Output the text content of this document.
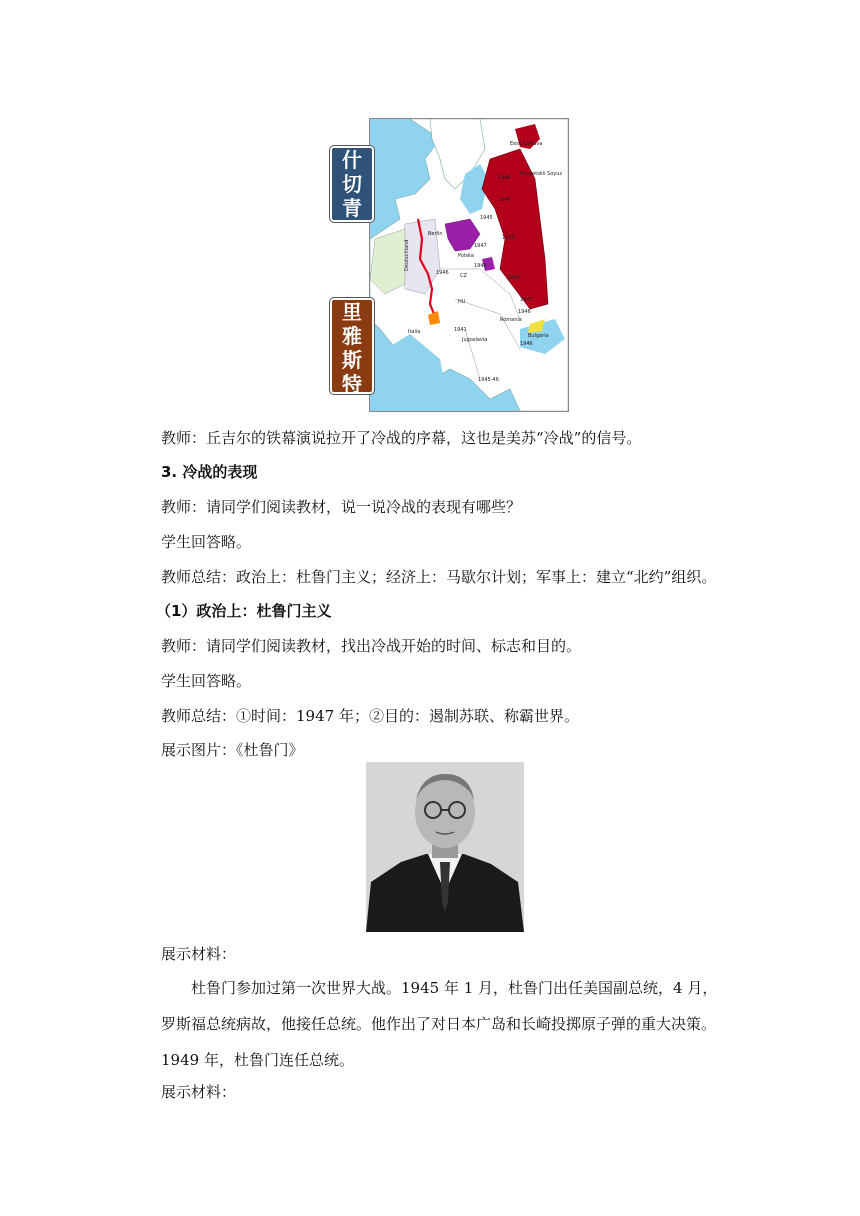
Sovyetskii Soyuz
Eesti/Lietuva
Berlin
Deutschland	Polska
CZ
HU
Romania
Bulgaria
Jugoslavia
Italia
1940
1940
1945
1939
1947
1946
1948
1946
1947
1946
1941
1946
1945-46
什切青
里雅斯特
教师：丘吉尔的铁幕演说拉开了冷战的序幕，这也是美苏“冷战”的信号。
3. 冷战的表现
教师：请同学们阅读教材，说一说冷战的表现有哪些？
学生回答略。
教师总结：政治上：杜鲁门主义；经济上：马歇尔计划；军事上：建立“北约”组织。
（1）政治上：杜鲁门主义
教师：请同学们阅读教材，找出冷战开始的时间、标志和目的。
学生回答略。
教师总结：①时间：1947 年；②目的：遏制苏联、称霸世界。
展示图片：《杜鲁门》
展示材料：
杜鲁门参加过第一次世界大战。1945 年 1 月，杜鲁门出任美国副总统，4 月，罗斯福总统病故，他接任总统。他作出了对日本广岛和长崎投掷原子弹的重大决策。1949 年，杜鲁门连任总统。
展示材料：
